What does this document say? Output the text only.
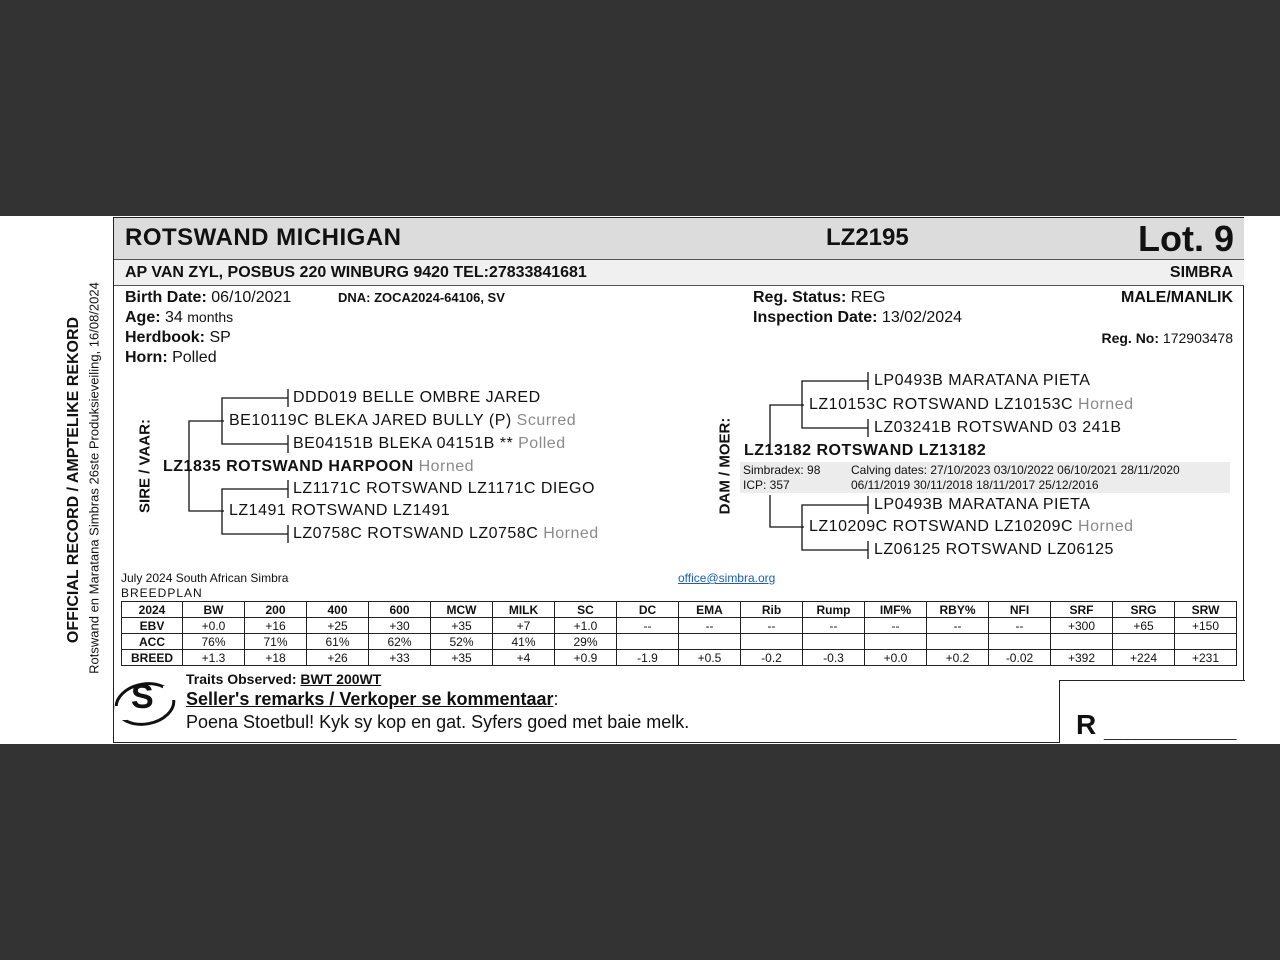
ROTSWAND MICHIGAN	LZ2195	Lot. 9
AP VAN ZYL, POSBUS 220 WINBURG 9420 TEL:27833841681	SIMBRA
OFFICIAL RECORD / AMPTELIKE REKORD Rotswand en Maratana Simbras 26ste Produksieveiling, 16/08/2024 Birth Date: 06/10/2021	DNA: ZOCA2024-64106, SV
Age: 34 months
Herdbook: SP
Horn: Polled
Reg. Status: REG
Inspection Date: 13/02/2024
MALE/MANLIK
Reg. No: 172903478
SIRE / VAAR:
DDD019 BELLE OMBRE JARED
BE10119C BLEKA JARED BULLY (P) Scurred
BE04151B BLEKA 04151B ** Polled
LZ1835 ROTSWAND HARPOON Horned
LZ1171C ROTSWAND LZ1171C DIEGO
LZ1491 ROTSWAND LZ1491
LZ0758C ROTSWAND LZ0758C Horned
DAM / MOER:
LP0493B MARATANA PIETA
LZ10153C ROTSWAND LZ10153C Horned
LZ03241B ROTSWAND 03 241B
LZ13182 ROTSWAND LZ13182
Simbradex: 98
ICP: 357
Calving dates: 27/10/2023 03/10/2022 06/10/2021 28/11/2020
06/11/2019 30/11/2018 18/11/2017 25/12/2016
LP0493B MARATANA PIETA
LZ10209C ROTSWAND LZ10209C Horned
LZ06125 ROTSWAND LZ06125
July 2024 South African Simbra
BREEDPLAN
office@simbra.org
2024	BW	200	400	600	MCW	MILK	SC	DC	EMA	Rib	Rump	IMF%	RBY%	NFI	SRF	SRG	SRW
EBV	+0.0	+16	+25	+30	+35	+7	+1.0	--	--	--	--	--	--	--	+300	+65	+150
ACC	76%	71%	61%	62%	52%	41%	29%										
BREED	+1.3	+18	+26	+33	+35	+4	+0.9	-1.9	+0.5	-0.2	-0.3	+0.0	+0.2	-0.02	+392	+224	+231
S Traits Observed: BWT 200WT
Seller's remarks / Verkoper se kommentaar:
Poena Stoetbul! Kyk sy kop en gat. Syfers goed met baie melk.	R _________________
